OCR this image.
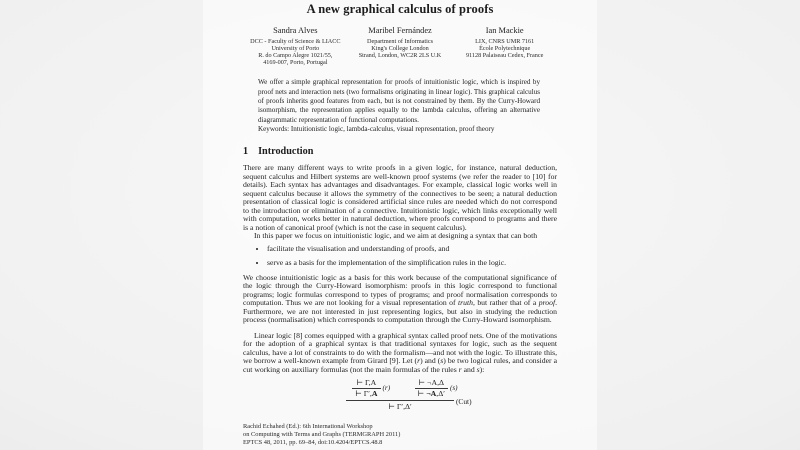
A new graphical calculus of proofs
Sandra Alves
DCC - Faculty of Science & LIACC
University of Porto
R. do Campo Alegre 1021/55,
4169-007, Porto, Portugal
Maribel Fernández
Department of Informatics
King's College London
Strand, London, WC2R 2LS U.K
Ian Mackie
LIX, CNRS UMR 7161
École Polytechnique
91128 Palaiseau Cedex, France
We offer a simple graphical representation for proofs of intuitionistic logic, which is inspired by proof nets and interaction nets (two formalisms originating in linear logic). This graphical calculus of proofs inherits good features from each, but is not constrained by them. By the Curry-Howard isomorphism, the representation applies equally to the lambda calculus, offering an alternative diagrammatic representation of functional computations.
Keywords: Intuitionistic logic, lambda-calculus, visual representation, proof theory
1 Introduction

There are many different ways to write proofs in a given logic, for instance, natural deduction, sequent calculus and Hilbert systems are well-known proof systems (we refer the reader to [10] for details). Each syntax has advantages and disadvantages. For example, classical logic works well in sequent calculus because it allows the symmetry of the connectives to be seen; a natural deduction presentation of classical logic is considered artificial since rules are needed which do not correspond to the introduction or elimination of a connective. Intuitionistic logic, which links exceptionally well with computation, works better in natural deduction, where proofs correspond to programs and there is a notion of canonical proof (which is not the case in sequent calculus).

In this paper we focus on intuitionistic logic, and we aim at designing a syntax that can both

• facilitate the visualisation and understanding of proofs, and
• serve as a basis for the implementation of the simplification rules in the logic.

We choose intuitionistic logic as a basis for this work because of the computational significance of the logic through the Curry-Howard isomorphism: proofs in this logic correspond to functional programs; logic formulas correspond to types of programs; and proof normalisation corresponds to computation. Thus we are not looking for a visual representation of truth, but rather that of a proof. Furthermore, we are not interested in just representing logics, but also in studying the reduction process (normalisation) which corresponds to computation through the Curry-Howard isomorphism.

Linear logic [8] comes equipped with a graphical syntax called proof nets. One of the motivations for the adoption of a graphical syntax is that traditional syntaxes for logic, such as the sequent calculus, have a lot of constraints to do with the formalism—and not with the logic. To illustrate this, we borrow a well-known example from Girard [9]. Let (r) and (s) be two logical rules, and consider a cut working on auxiliary formulas (not the main formulas of the rules r and s):

$\frac{⊢ \Gamma,A}{⊢ \Gamma',A} (r)$	$\frac{⊢ \neg A,\Delta}{⊢ \neg A,\Delta'} (s)$
⊢ Γ′,Δ′	(Cut)
Rachid Echahed (Ed.): 6th International Workshop
on Computing with Terms and Graphs (TERMGRAPH 2011)
EPTCS 48, 2011, pp. 69–84, doi:10.4204/EPTCS.48.8
